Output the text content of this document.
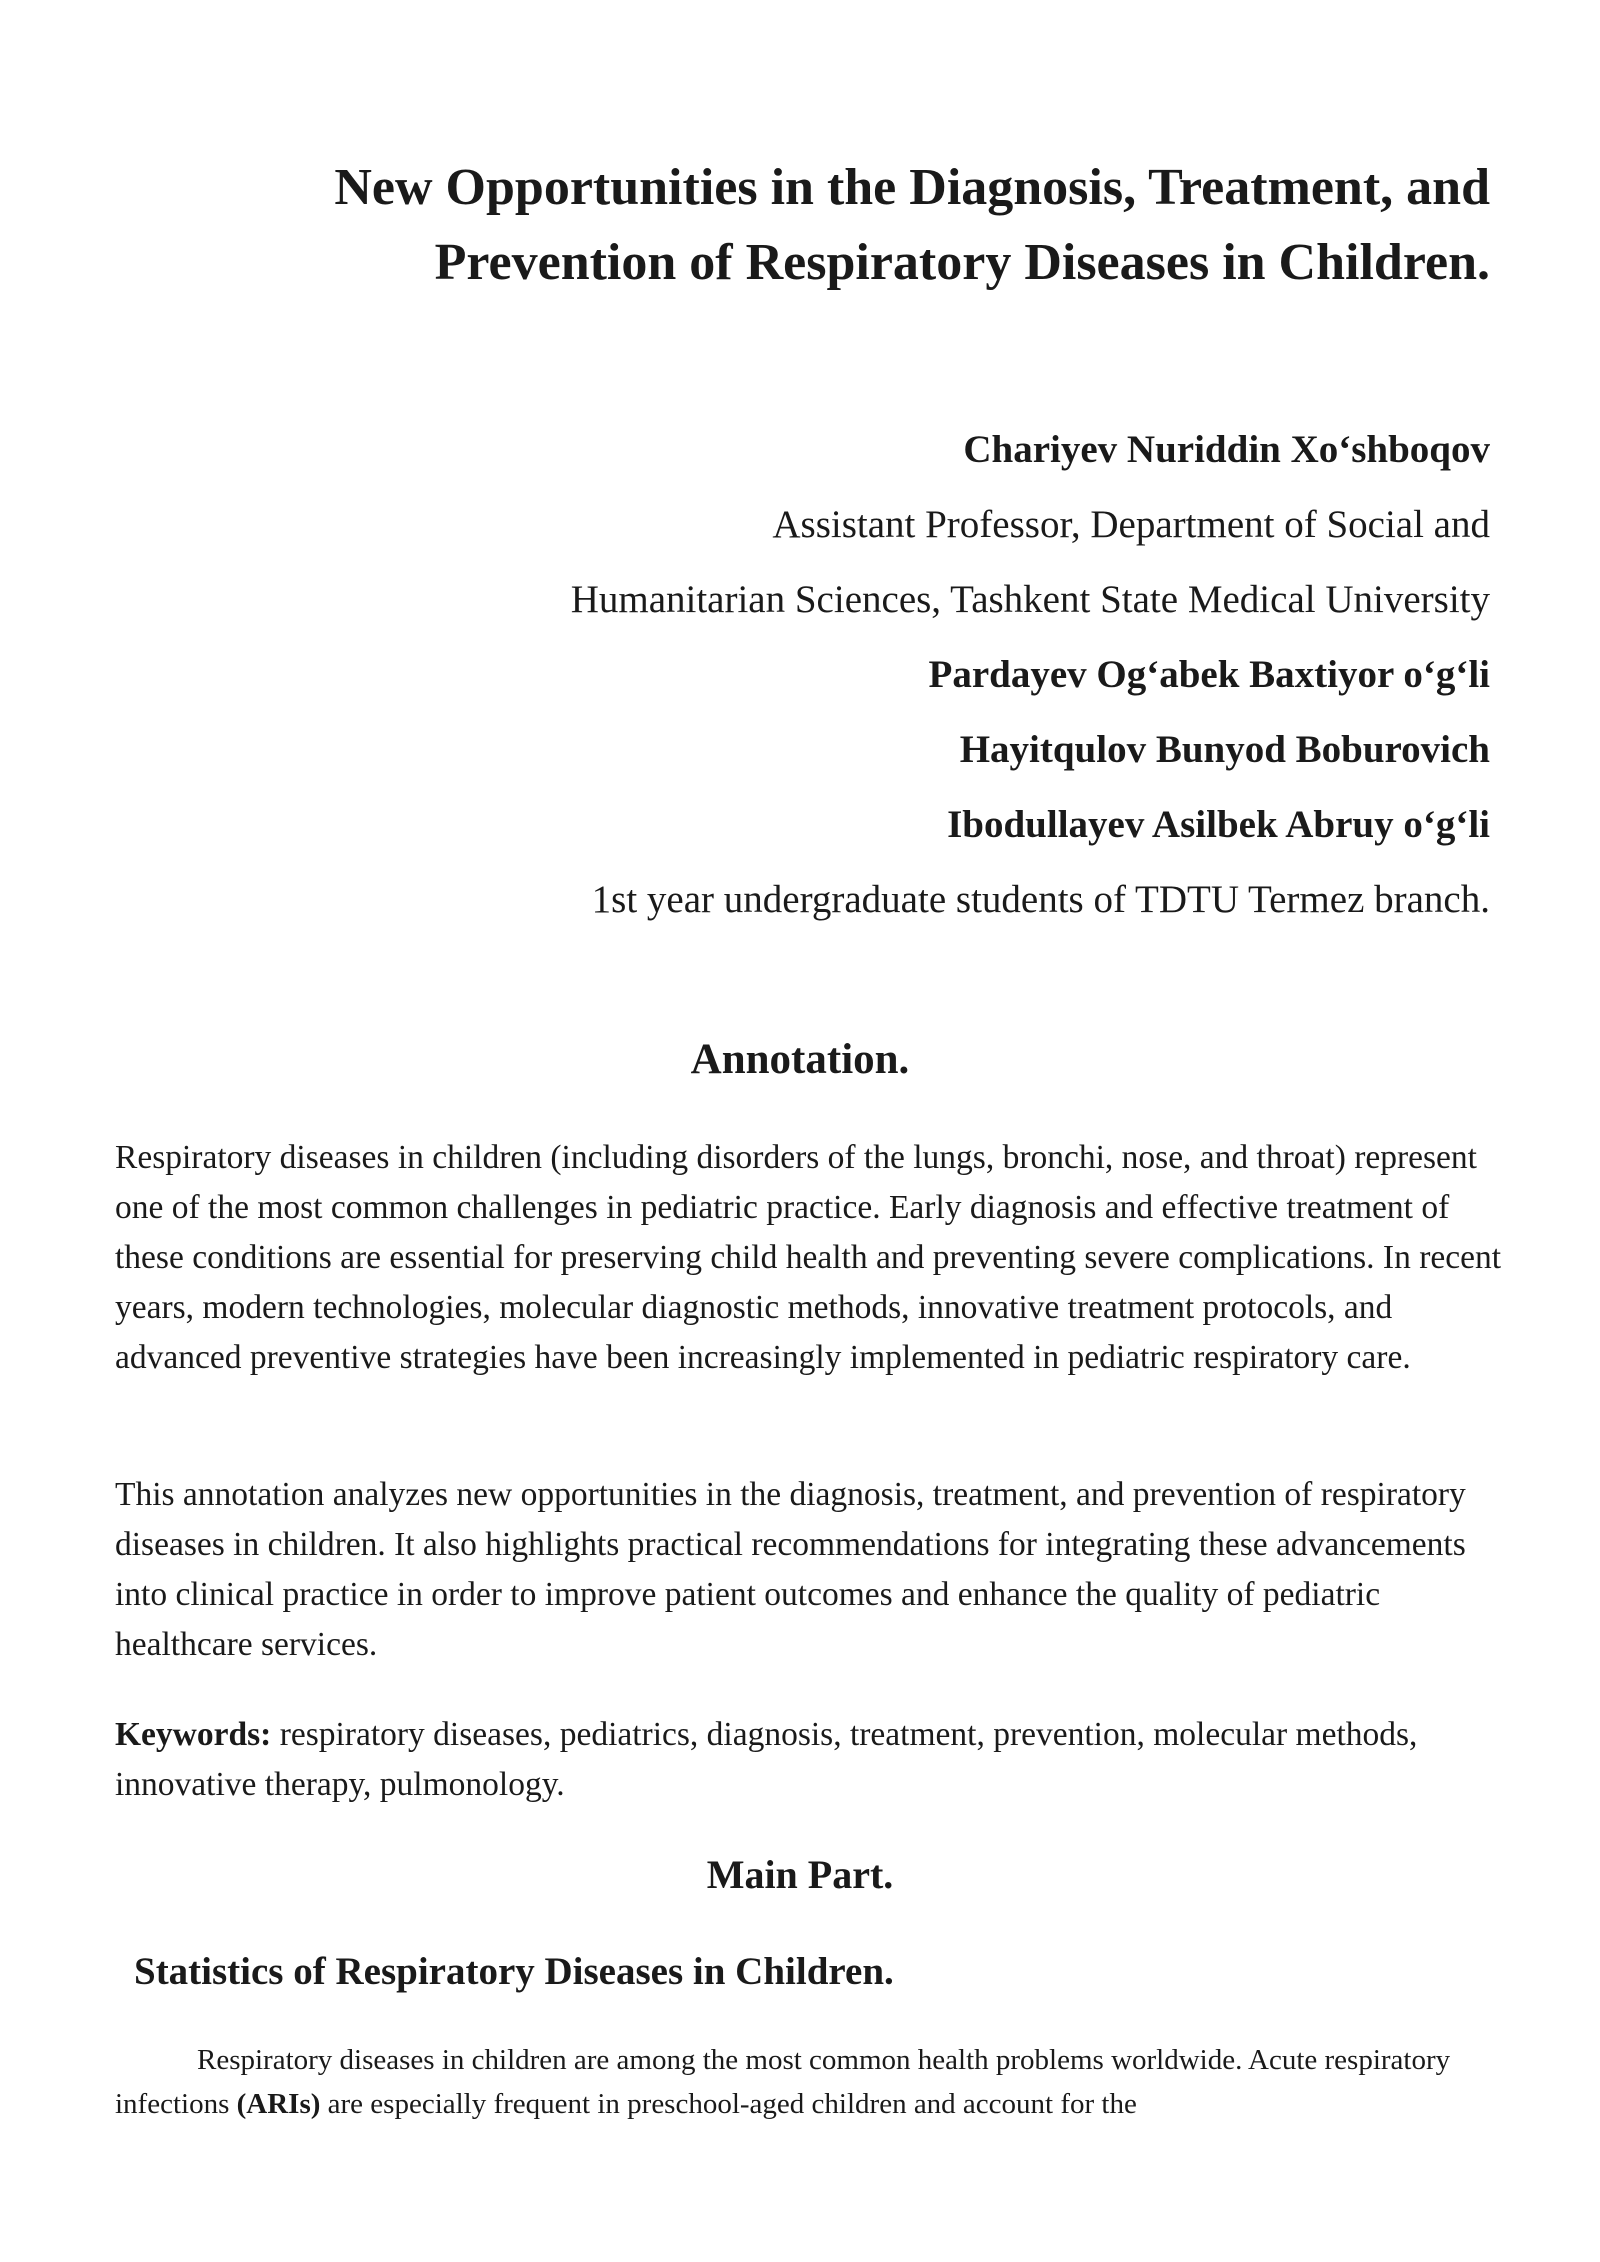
New Opportunities in the Diagnosis, Treatment, and
Prevention of Respiratory Diseases in Children.
Chariyev Nuriddin Xo‘shboqov
Assistant Professor, Department of Social and
Humanitarian Sciences, Tashkent State Medical University
Pardayev Og‘abek Baxtiyor o‘g‘li
Hayitqulov Bunyod Boburovich
Ibodullayev Asilbek Abruy o‘g‘li
1st year undergraduate students of TDTU Termez branch.
Annotation.

Respiratory diseases in children (including disorders of the lungs, bronchi, nose, and throat) represent one of the most common challenges in pediatric practice. Early diagnosis and effective treatment of these conditions are essential for preserving child health and preventing severe complications. In recent years, modern technologies, molecular diagnostic methods, innovative treatment protocols, and advanced preventive strategies have been increasingly implemented in pediatric respiratory care.

This annotation analyzes new opportunities in the diagnosis, treatment, and prevention of respiratory diseases in children. It also highlights practical recommendations for integrating these advancements into clinical practice in order to improve patient outcomes and enhance the quality of pediatric healthcare services.

Keywords: respiratory diseases, pediatrics, diagnosis, treatment, prevention, molecular methods, innovative therapy, pulmonology.

Main Part.
Statistics of Respiratory Diseases in Children.

Respiratory diseases in children are among the most common health problems worldwide. Acute respiratory infections (ARIs) are especially frequent in preschool-aged children and account for the
